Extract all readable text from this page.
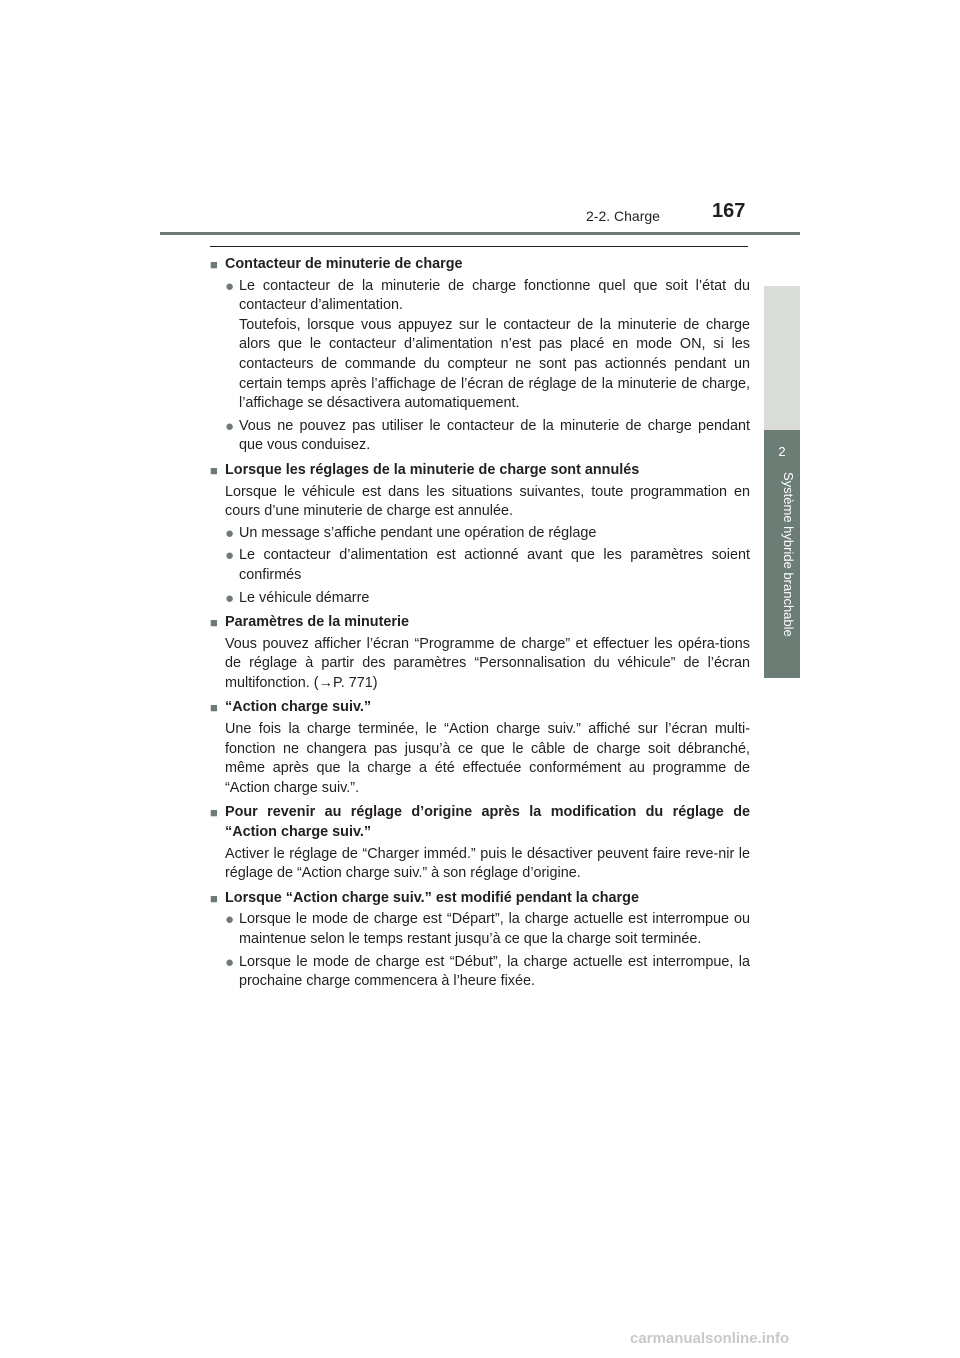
2-2. Charge	167
2
Système hybride branchable
■ Contacteur de minuterie de charge
● Le contacteur de la minuterie de charge fonctionne quel que soit l’état du contacteur d’alimentation.
Toutefois, lorsque vous appuyez sur le contacteur de la minuterie de charge alors que le contacteur d’alimentation n’est pas placé en mode ON, si les contacteurs de commande du compteur ne sont pas actionnés pendant un certain temps après l’affichage de l’écran de réglage de la minuterie de charge, l’affichage se désactivera automatiquement.
● Vous ne pouvez pas utiliser le contacteur de la minuterie de charge pendant que vous conduisez.
■ Lorsque les réglages de la minuterie de charge sont annulés
Lorsque le véhicule est dans les situations suivantes, toute programmation en cours d’une minuterie de charge est annulée.
● Un message s’affiche pendant une opération de réglage
● Le contacteur d’alimentation est actionné avant que les paramètres soient confirmés
● Le véhicule démarre
■ Paramètres de la minuterie
Vous pouvez afficher l’écran “Programme de charge” et effectuer les opéra-tions de réglage à partir des paramètres “Personnalisation du véhicule” de l’écran multifonction. (→P. 771)
■ “Action charge suiv.”
Une fois la charge terminée, le “Action charge suiv.” affiché sur l’écran multi-fonction ne changera pas jusqu’à ce que le câble de charge soit débranché, même après que la charge a été effectuée conformément au programme de “Action charge suiv.”.
■ Pour revenir au réglage d’origine après la modification du réglage de “Action charge suiv.”
Activer le réglage de “Charger imméd.” puis le désactiver peuvent faire reve-nir le réglage de “Action charge suiv.” à son réglage d’origine.
■ Lorsque “Action charge suiv.” est modifié pendant la charge
● Lorsque le mode de charge est “Départ”, la charge actuelle est interrompue ou maintenue selon le temps restant jusqu’à ce que la charge soit terminée.
● Lorsque le mode de charge est “Début”, la charge actuelle est interrompue, la prochaine charge commencera à l’heure fixée.
carmanualsonline.info
